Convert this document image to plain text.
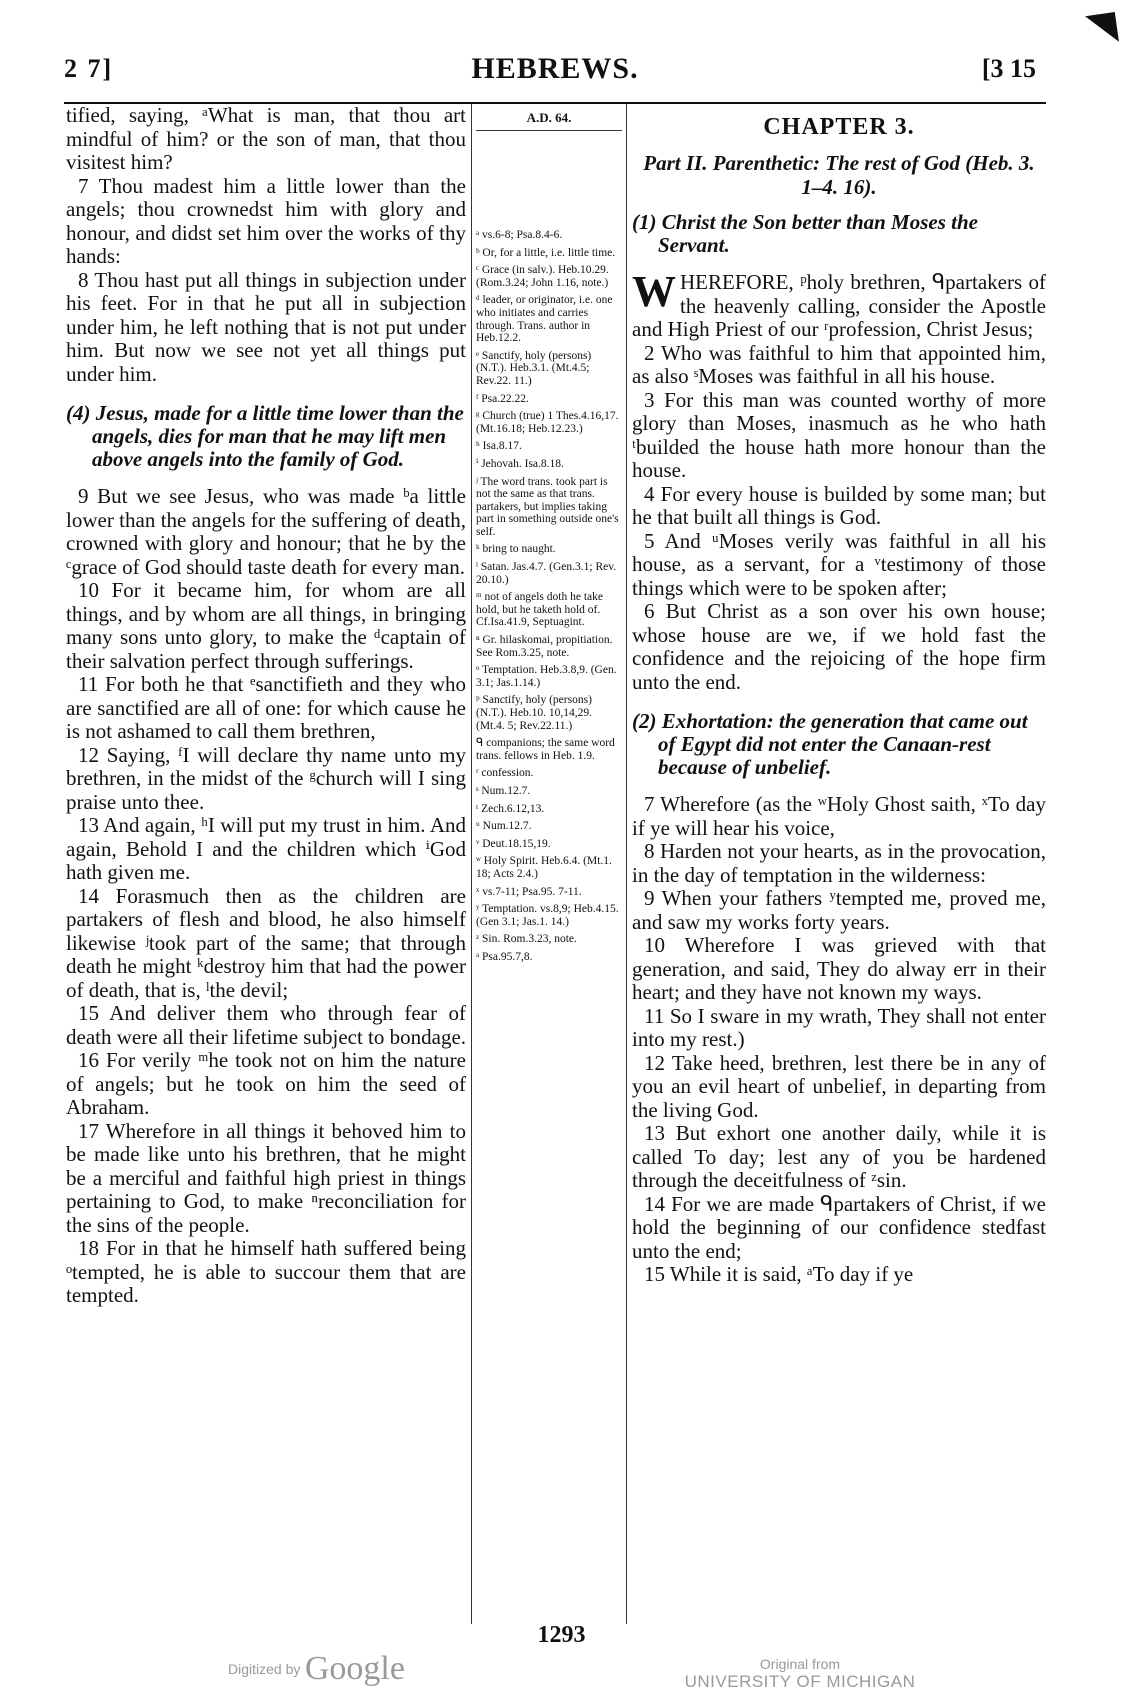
2 7]	HEBREWS.	[3 15

tified, saying, ᵃWhat is man, that thou art mindful of him? or the son of man, that thou visitest him?

7 Thou madest him a little lower than the angels; thou crownedst him with glory and honour, and didst set him over the works of thy hands:

8 Thou hast put all things in subjection under his feet. For in that he put all in subjection under him, he left nothing that is not put under him. But now we see not yet all things put under him.

(4) Jesus, made for a little time lower than the angels, dies for man that he may lift men above angels into the family of God.

9 But we see Jesus, who was made ᵇa little lower than the angels for the suffering of death, crowned with glory and honour; that he by the ᶜgrace of God should taste death for every man.

10 For it became him, for whom are all things, and by whom are all things, in bringing many sons unto glory, to make the ᵈcaptain of their salvation perfect through sufferings.

11 For both he that ᵉsanctifieth and they who are sanctified are all of one: for which cause he is not ashamed to call them brethren,

12 Saying, ᶠI will declare thy name unto my brethren, in the midst of the ᵍchurch will I sing praise unto thee.

13 And again, ʰI will put my trust in him. And again, Behold I and the children which ⁱGod hath given me.

14 Forasmuch then as the children are partakers of flesh and blood, he also himself likewise ʲtook part of the same; that through death he might ᵏdestroy him that had the power of death, that is, ˡthe devil;

15 And deliver them who through fear of death were all their lifetime subject to bondage.

16 For verily ᵐhe took not on him the nature of angels; but he took on him the seed of Abraham.

17 Wherefore in all things it behoved him to be made like unto his brethren, that he might be a merciful and faithful high priest in things pertaining to God, to make ⁿreconciliation for the sins of the people.

18 For in that he himself hath suffered being ᵒtempted, he is able to succour them that are tempted.

A.D. 64.
ᵃ vs.6-8; Psa.8.4-6.
ᵇ Or, for a little, i.e. little time.
ᶜ Grace (in salv.). Heb.10.29. (Rom.3.24; John 1.16, note.)
ᵈ leader, or originator, i.e. one who initiates and carries through. Trans. author in Heb.12.2.
ᵉ Sanctify, holy (persons) (N.T.). Heb.3.1. (Mt.4.5; Rev.22. 11.)
ᶠ Psa.22.22.
ᵍ Church (true) 1 Thes.4.16,17. (Mt.16.18; Heb.12.23.)
ʰ Isa.8.17.
ⁱ Jehovah. Isa.8.18.
ʲ The word trans. took part is not the same as that trans. partakers, but implies taking part in something outside one's self.
ᵏ bring to naught.
ˡ Satan. Jas.4.7. (Gen.3.1; Rev. 20.10.)
ᵐ not of angels doth he take hold, but he taketh hold of. Cf.Isa.41.9, Septuagint.
ⁿ Gr. hilaskomai, propitiation. See Rom.3.25, note.
ᵒ Temptation. Heb.3.8,9. (Gen. 3.1; Jas.1.14.)
ᵖ Sanctify, holy (persons) (N.T.). Heb.10. 10,14,29. (Mt.4. 5; Rev.22.11.)
ᑫ companions; the same word trans. fellows in Heb. 1.9.
ʳ confession.
ˢ Num.12.7.
ᵗ Zech.6.12,13.
ᵘ Num.12.7.
ᵛ Deut.18.15,19.
ʷ Holy Spirit. Heb.6.4. (Mt.1. 18; Acts 2.4.)
ˣ vs.7-11; Psa.95. 7-11.
ʸ Temptation. vs.8,9; Heb.4.15. (Gen 3.1; Jas.1. 14.)
ᶻ Sin. Rom.3.23, note.
ᵃ Psa.95.7,8.
CHAPTER 3.
Part II. Parenthetic: The rest of God (Heb. 3. 1–4. 16).
(1) Christ the Son better than Moses the Servant.

WHEREFORE, ᵖholy brethren, ᑫpartakers of the heavenly calling, consider the Apostle and High Priest of our ʳprofession, Christ Jesus;

2 Who was faithful to him that appointed him, as also ˢMoses was faithful in all his house.

3 For this man was counted worthy of more glory than Moses, inasmuch as he who hath ᵗbuilded the house hath more honour than the house.

4 For every house is builded by some man; but he that built all things is God.

5 And ᵘMoses verily was faithful in all his house, as a servant, for a ᵛtestimony of those things which were to be spoken after;

6 But Christ as a son over his own house; whose house are we, if we hold fast the confidence and the rejoicing of the hope firm unto the end.

(2) Exhortation: the generation that came out of Egypt did not enter the Canaan-rest because of unbelief.

7 Wherefore (as the ʷHoly Ghost saith, ˣTo day if ye will hear his voice,

8 Harden not your hearts, as in the provocation, in the day of temptation in the wilderness:

9 When your fathers ʸtempted me, proved me, and saw my works forty years.

10 Wherefore I was grieved with that generation, and said, They do alway err in their heart; and they have not known my ways.

11 So I sware in my wrath, They shall not enter into my rest.)

12 Take heed, brethren, lest there be in any of you an evil heart of unbelief, in departing from the living God.

13 But exhort one another daily, while it is called To day; lest any of you be hardened through the deceitfulness of ᶻsin.

14 For we are made ᑫpartakers of Christ, if we hold the beginning of our confidence stedfast unto the end;

15 While it is said, ᵃTo day if ye

1293
Digitized by Google	Original from
UNIVERSITY OF MICHIGAN
